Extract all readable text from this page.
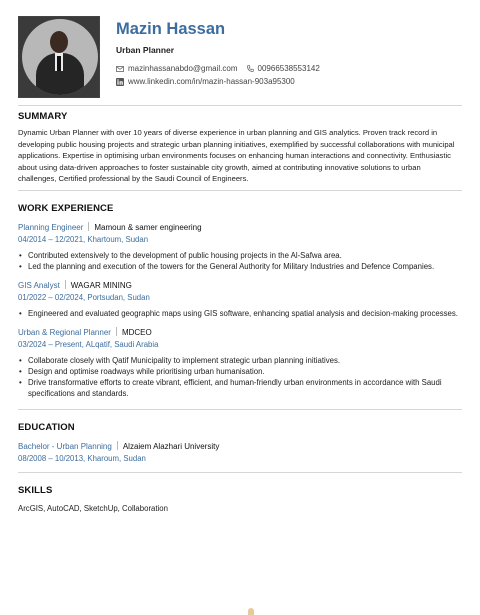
Mazin Hassan
Urban Planner
mazinhassanabdo@gmail.com	00966538553142
www.linkedin.com/in/mazin-hassan-903a95300
SUMMARY
Dynamic Urban Planner with over 10 years of diverse experience in urban planning and GIS analytics. Proven track record in developing public housing projects and strategic urban planning initiatives, exemplified by successful collaborations with municipal applications. Expertise in optimising urban environments focuses on enhancing human interactions and connectivity. Enthusiastic about using data-driven approaches to foster sustainable city growth, aimed at contributing innovative solutions to urban challenges, Certified professional by the Saudi Council of Engineers.
WORK EXPERIENCE
Planning Engineer Mamoun & samer engineering
04/2014 – 12/2021, Khartoum, Sudan
• Contributed extensively to the development of public housing projects in the Al-Safwa area.
• Led the planning and execution of the towers for the General Authority for Military Industries and Defence Companies.
GIS Analyst WAGAR MINING
01/2022 – 02/2024, Portsudan, Sudan
• Engineered and evaluated geographic maps using GIS software, enhancing spatial analysis and decision-making processes.
Urban & Regional Planner MDCEO
03/2024 – Present, ALqatif, Saudi Arabia
• Collaborate closely with Qatif Municipality to implement strategic urban planning initiatives.
• Design and optimise roadways while prioritising urban humanisation.
• Drive transformative efforts to create vibrant, efficient, and human-friendly urban environments in accordance with Saudi specifications and standards.
EDUCATION
Bachelor - Urban Planning Alzaiem Alazhari University
08/2008 – 10/2013, Kharoum, Sudan
SKILLS
ArcGIS, AutoCAD, SketchUp, Collaboration
